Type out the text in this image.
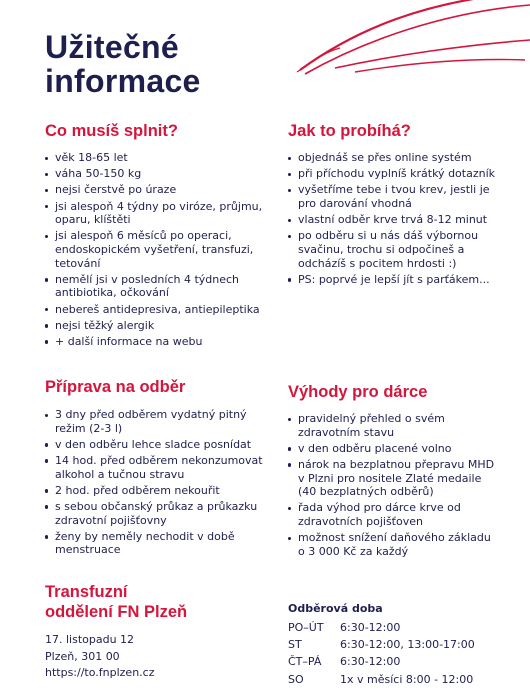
Užitečné
informace
Co musíš splnit?
věk 18-65 let
váha 50-150 kg
nejsi čerstvě po úraze
jsi alespoň 4 týdny po viróze, průjmu, oparu, klíštěti
jsi alespoň 6 měsíců po operaci, endoskopickém vyšetření, transfuzi, tetování
nemělí jsi v posledních 4 týdnech antibiotika, očkování
nebereš antidepresiva, antiepileptika
nejsi těžký alergik
+ další informace na webu
Jak to probíhá?
objednáš se přes online systém
při příchodu vyplníš krátký dotazník
vyšetříme tebe i tvou krev, jestli je pro darování vhodná
vlastní odběr krve trvá 8-12 minut
po odběru si u nás dáš výbornou svačinu, trochu si odpočineš a odcházíš s pocitem hrdosti :)
PS: poprvé je lepší jít s parťákem...
Příprava na odběr
3 dny před odběrem vydatný pitný režim (2-3 l)
v den odběru lehce sladce posnídat
14 hod. před odběrem nekonzumovat alkohol a tučnou stravu
2 hod. před odběrem nekouřit
s sebou občanský průkaz a průkazku zdravotní pojišťovny
ženy by neměly nechodit v době menstruace
Výhody pro dárce
pravidelný přehled o svém zdravotním stavu
v den odběru placené volno
nárok na bezplatnou přepravu MHD v Plzni pro nositele Zlaté medaile (40 bezplatných odběrů)
řada výhod pro dárce krve od zdravotních pojišťoven
možnost snížení daňového základu o 3 000 Kč za každý
Transfuzní
oddělení FN Plzeň
17. listopadu 12
Plzeň, 301 00
https://to.fnplzen.cz
Odběrová doba
PO–ÚT	6:30-12:00
ST	6:30-12:00, 13:00-17:00
ČT–PÁ	6:30-12:00
SO	1x v měsíci 8:00 - 12:00
